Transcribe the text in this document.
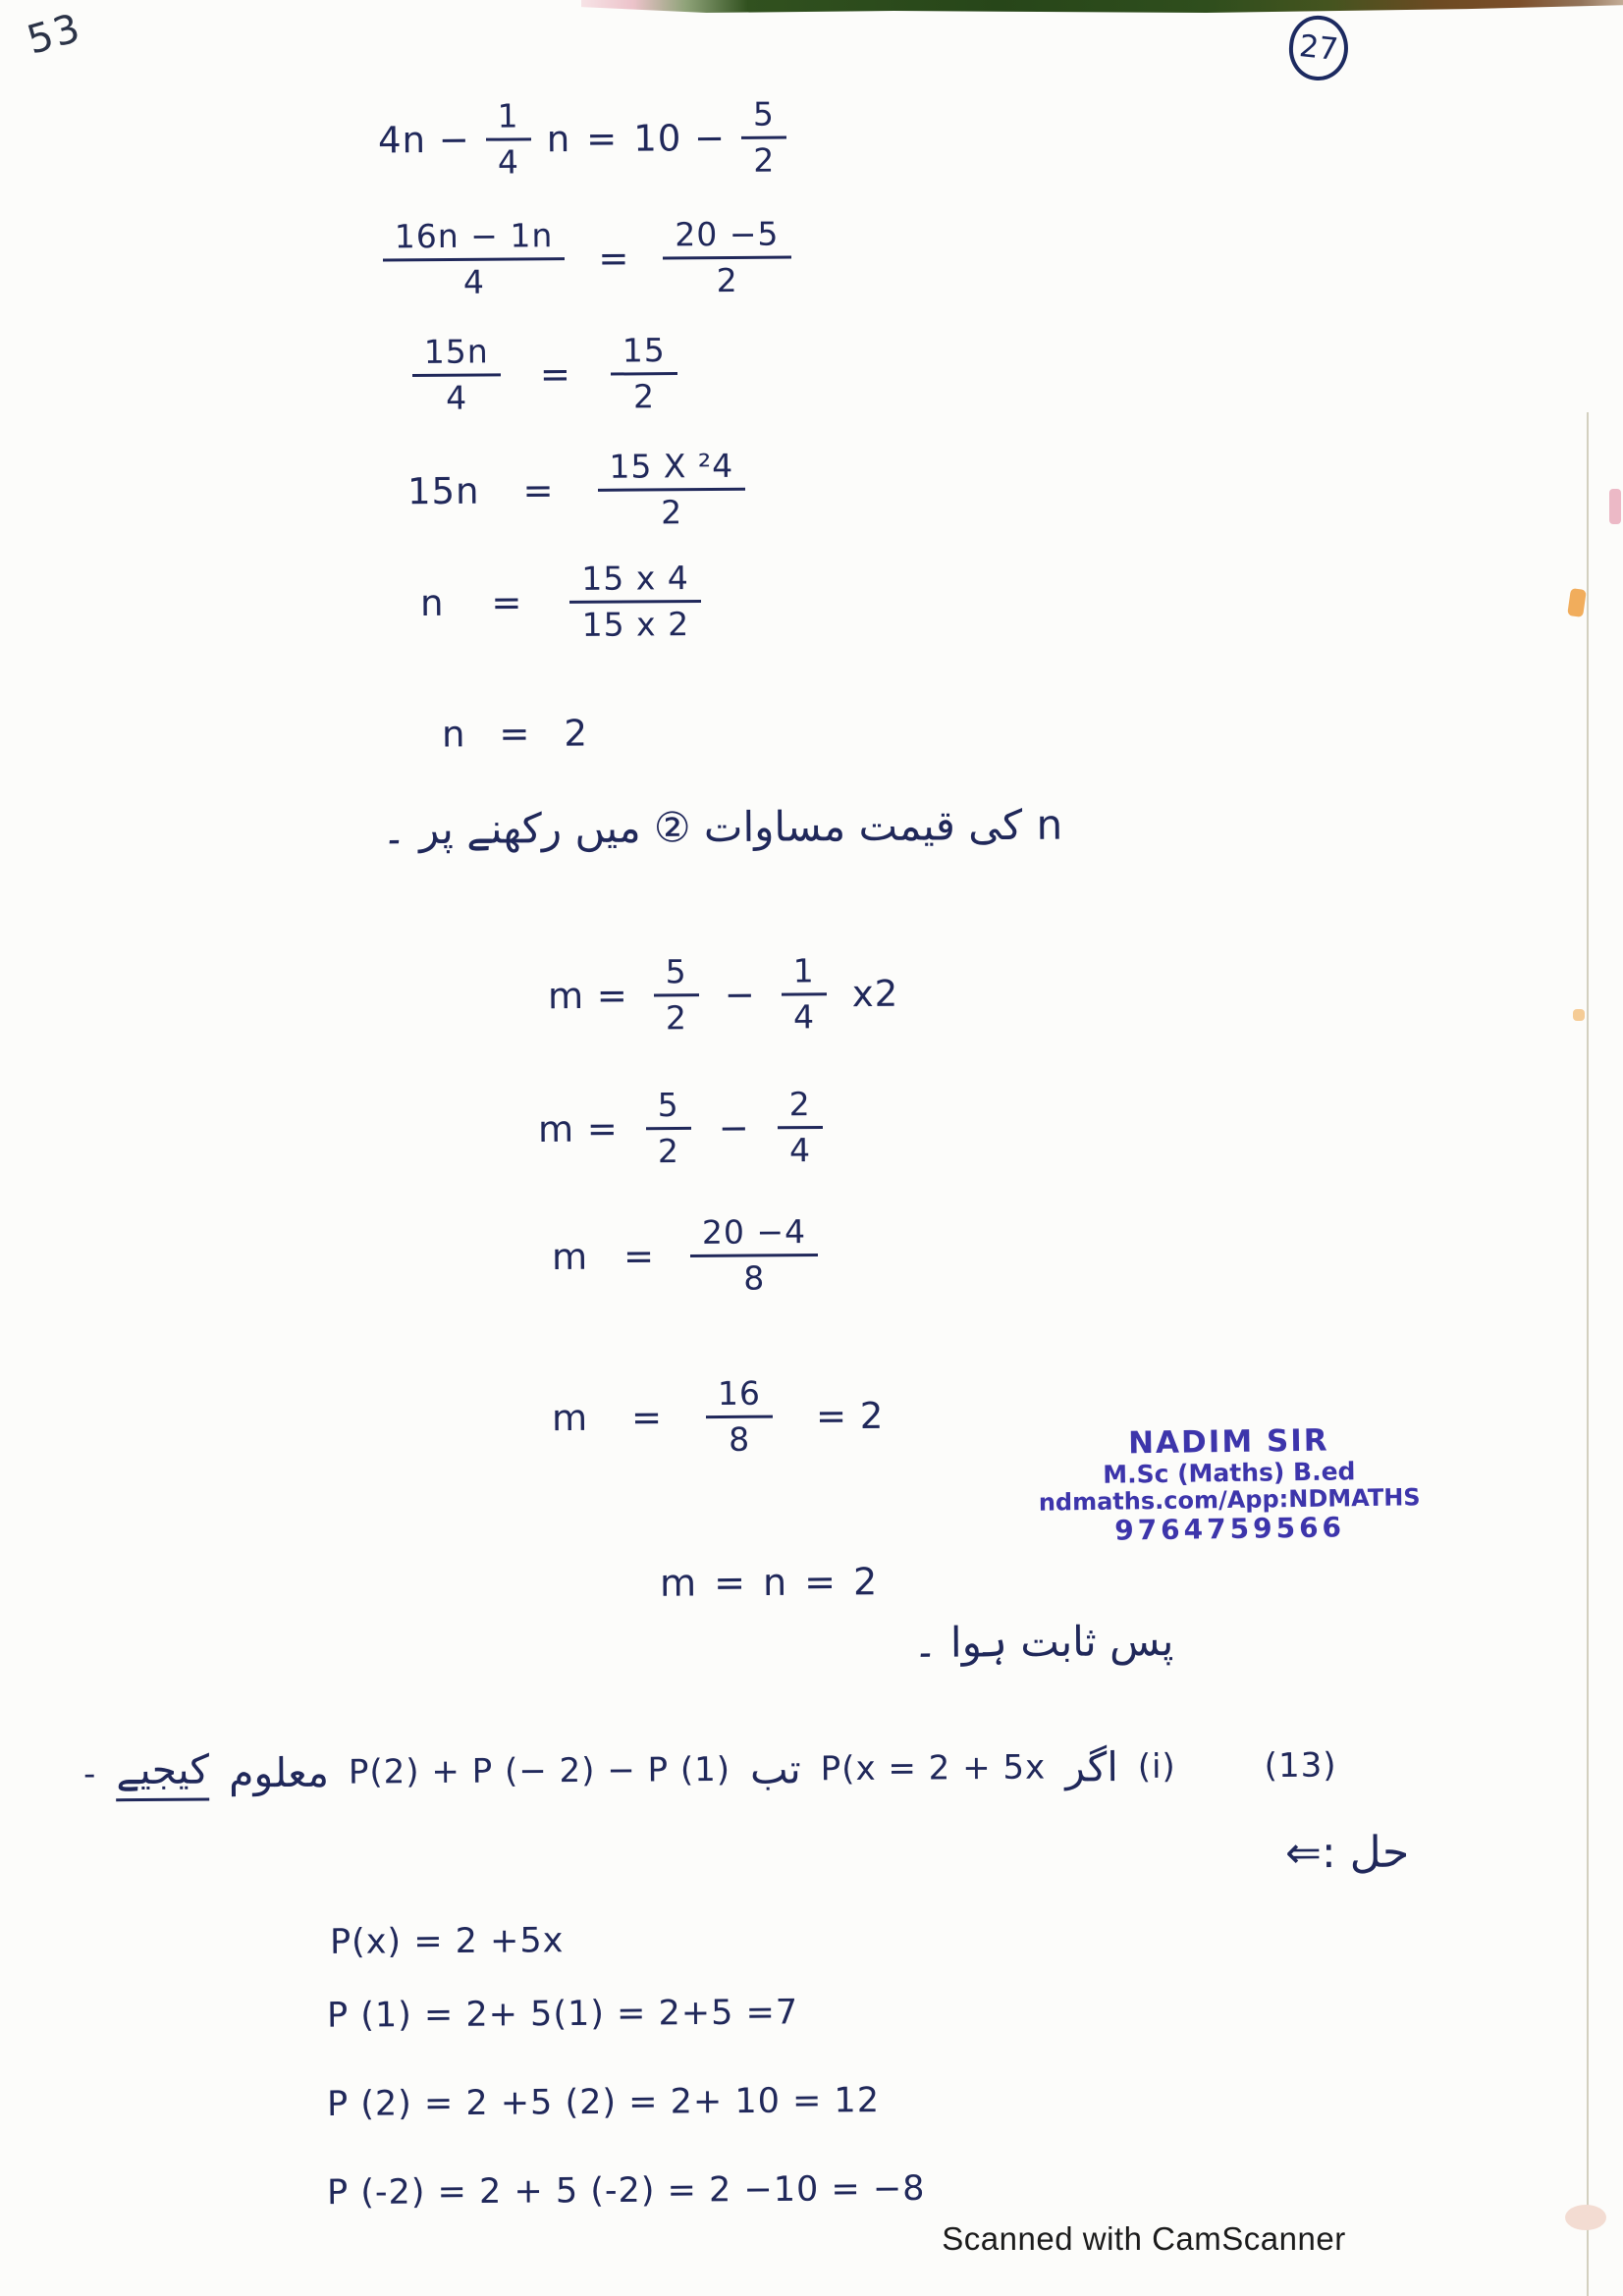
53	27
$4n - \frac{1}{4}$ $n = 10 - \frac{5}{2}$
$\frac{16n - 1n}{4} = \frac{20 -5}{2}$
$\frac{15n}{4} = \frac{15}{2}$
$15n = \frac{\text{15 X ²4}}{2}$
$n = \frac{15 x 4}{15 x 2}$
n = 2
n کی قیمت مساوات ② میں رکھنے پر ۔
$m = \frac{5}{2} - \frac{1}{4} x2$
$m = \frac{5}{2} - \frac{2}{4}$
$m = \frac{20 -4}{8}$
$m = \frac{16}{8} = 2$
NADIM SIR
M.Sc (Maths) B.ed
ndmaths.com/App:NDMATHS
9764759566
m = n = 2
پس ثابت ہوا ۔
- کیجیے معلوم P(2) + P (− 2) − P (1) تب P(x = 2 + 5x اگر (i)	(13)
حل :⇐
P(x) = 2 +5x
P (1) = 2+ 5(1) = 2+5 =7
P (2) = 2 +5 (2) = 2+ 10 = 12
P (-2) = 2 + 5 (-2) = 2 −10 = −8
Scanned with CamScanner
